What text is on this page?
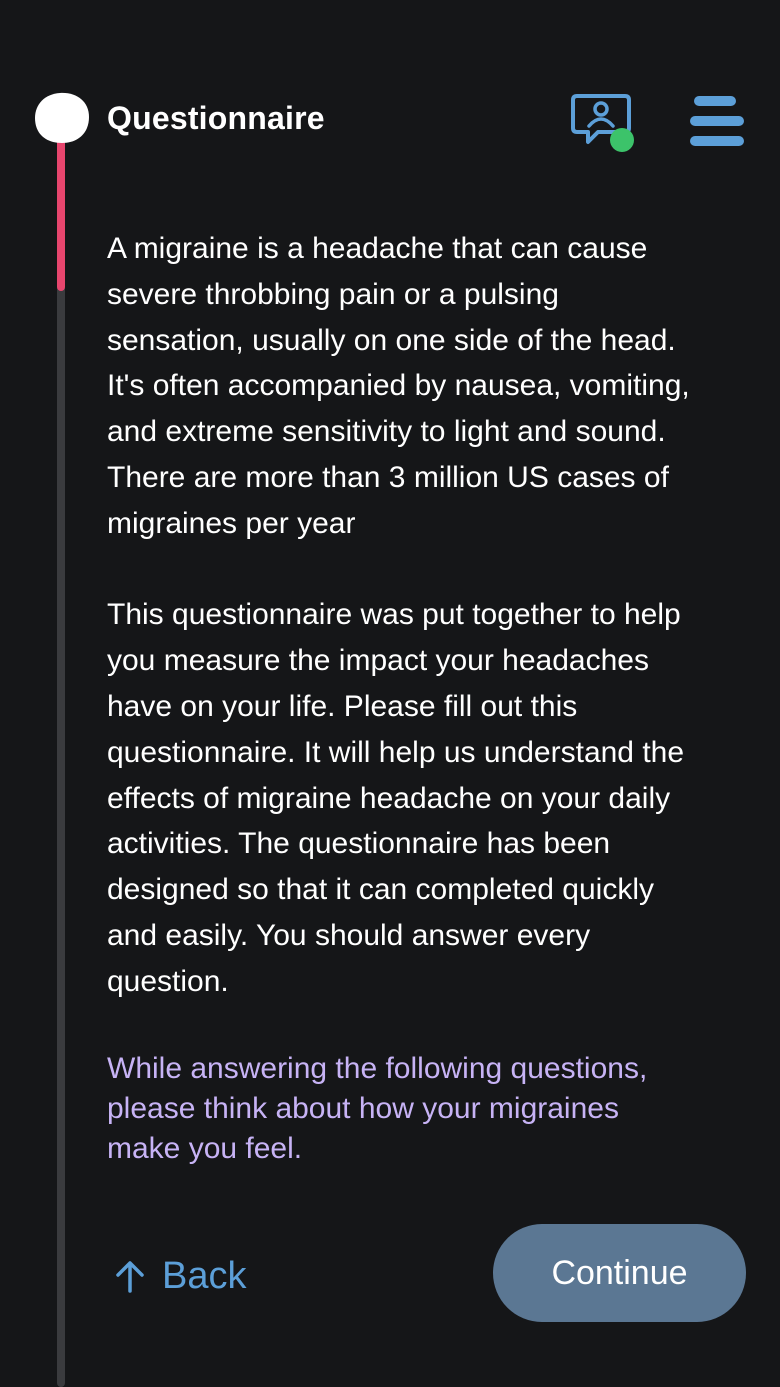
Questionnaire

A migraine is a headache that can cause
severe throbbing pain or a pulsing
sensation, usually on one side of the head.
It's often accompanied by nausea, vomiting,
and extreme sensitivity to light and sound.
There are more than 3 million US cases of
migraines per year

This questionnaire was put together to help
you measure the impact your headaches
have on your life. Please fill out this
questionnaire. It will help us understand the
effects of migraine headache on your daily
activities. The questionnaire has been
designed so that it can completed quickly
and easily. You should answer every
question.

While answering the following questions,
please think about how your migraines
make you feel.

Back	Continue
